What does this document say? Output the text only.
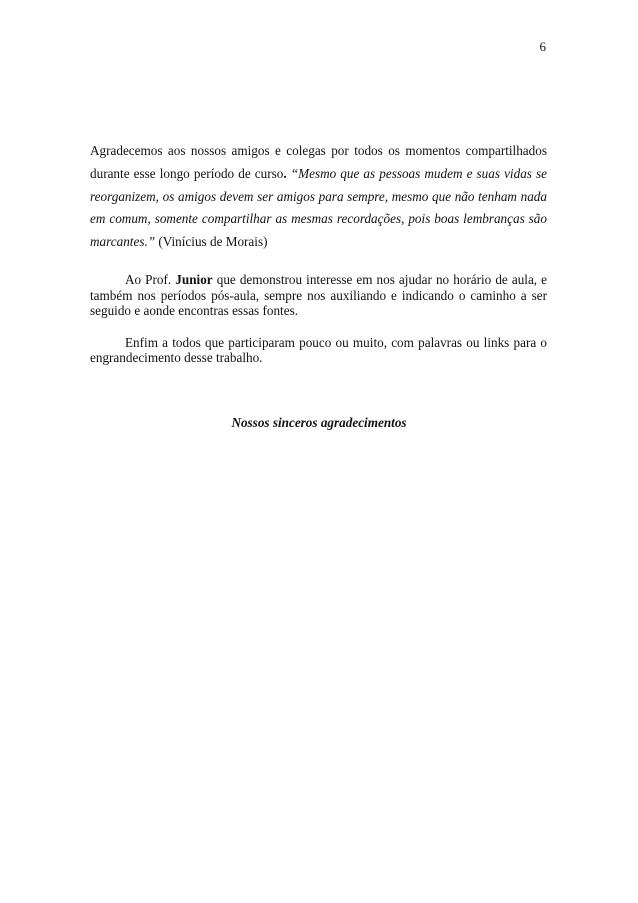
6

Agradecemos aos nossos amigos e colegas por todos os momentos compartilhados durante esse longo período de curso. “Mesmo que as pessoas mudem e suas vidas se reorganizem, os amigos devem ser amigos para sempre, mesmo que não tenham nada em comum, somente compartilhar as mesmas recordações, pois boas lembranças são marcantes.” (Vinícius de Morais)

Ao Prof. Junior que demonstrou interesse em nos ajudar no horário de aula, e também nos períodos pós-aula, sempre nos auxiliando e indicando o caminho a ser seguido e aonde encontras essas fontes.

Enfim a todos que participaram pouco ou muito, com palavras ou links para o engrandecimento desse trabalho.

Nossos sinceros agradecimentos
